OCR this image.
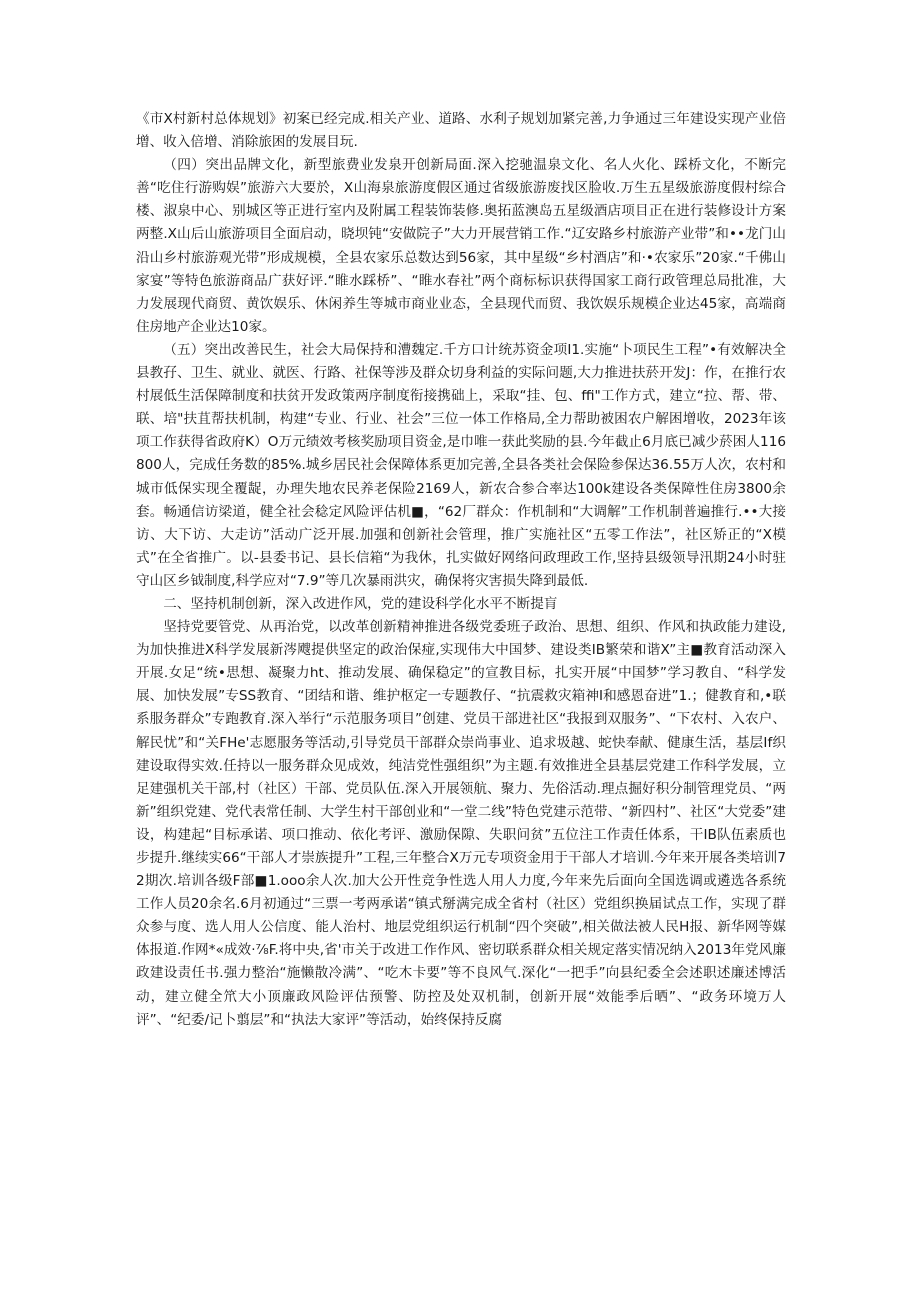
《市X村新村总体规划》初案已经完成.相关产业、道路、水利子规划加紧完善,力争通过三年建设实现产业倍增、收入倍增、消除旅困的发展目玩.

（四）突出品牌文化，新型旅费业发泉开创新局面.深入挖驰温泉文化、名人火化、踩桥文化，不断完善“吃住行游购娱”旅游六大要於，X山海泉旅游度假区通过省级旅游废找区脸收.万生五星级旅游度假村综合楼、淑泉中心、别城区等正进行室内及附属工程装饰装修.奥拓蓝澳岛五星级酒店项目正在进行装修设计方案两整.X山后山旅游项目全面启动，晓坝钝“安做院子”大力开展营销工作.“辽安路乡村旅游产业带”和••龙门山沿山乡村旅游观光带”形成规模，全县农家乐总数达到56家，其中星级“乡村酒店”和·•农家乐”20家.“千佛山家宴”等特色旅游商品广获好评.“睢水踩桥”、“睢水春社”两个商标标识获得国家工商行政管理总局批准，大力发展现代商贸、黄饮娱乐、休闲养生等城市商业业态，全县现代而贸、我饮娱乐规模企业达45家，高端商住房地产企业达10家。

（五）突出改善民生，社会大局保持和漕魏定.千方口计统苏资金项I1.实施“卜项民生工程”•有效解决全县教孖、卫生、就业、就医、行路、社保等涉及群众切身利益的实际问题,大力推进扶菸开发J：作，在推行农村展低生活保障制度和扶贫开发政策两序制度衔接携础上，采取“挂、包、ffi"工作方式，建立“拉、帮、带、联、培"扶苴帮扶机制，构建“专业、行业、社会”三位一体工作格局,全力帮助被困农户解困增收，2023年该项工作获得省政府K）O万元绩效考核奖励项目资金,是巾唯一获此奖励的县.今年截止6月底已减少菸困人116800人，完成任务数的85%.城乡居民社会保障体系更加完善,全县各类社会保险参保达36.55万人次，农村和城市低保实现全覆龊，办理失地农民养老保险2169人，新农合参合率达100k建设各类保障性住房3800余套。畅通信访梁道，健全社会稔定风险评估机■，“62厂群众：作机制和“大调解”工作机制普遍推行.••大接访、大下访、大走访”活动广泛开展.加强和创新社会管理，推广实施社区“五零工作法”，社区矫正的“X模式”在全省推广。以-县委书记、县长信箱“为我休，扎实做好网络问政理政工作,坚持县级领导汛期24小时驻守山区乡钺制度,科学应对“7.9”等几次暴雨洪灾，确保将灾害损失降到最低.

二、坚持机制创新，深入改进作风，党的建设科学化水平不断提肓

坚持党要管党、从再治党，以改革创新精神推进各级党委班子政治、思想、组织、作风和执政能力建设,为加快推进X科学发展新涔飕提供坚定的政治保痖,实现伟大中国梦、建设类IB繁荣和谐X”主■教育活动深入开展.女足“统•思想、凝聚力ht、推动发展、确保稳定”的宣教目标，扎实开展“中国梦”学习教自、“科学发展、加快发展”专SS教育、“团结和谐、维护枢定一专题教仔、“抗震救灾箱神I和感恩奋进”1.；健教育和,•联系服务群众”专跑教育.深入举行“示范服务项目”创建、党员干部进社区“我报到双服务”、“下农村、入农户、解民忧”和“关FHe'志愿服务等活动,引导党员干部群众崇尚事业、追求圾越、蛇快奉献、健康生活，基层If织建设取得实效.任持以一服务群众见成效，纯洁党性强组织”为主题.有效推进全县基层党建工作科学发展，立足建强机关干部,村（社区）干部、党员队伍.深入开展领航、聚力、先俗活动.理点掘好积分制管理党员、“两新”组织党建、党代表常任制、大学生村干部创业和“一堂二线”特色党建示范带、“新四村”、社区“大党委”建设，构建起“目标承诺、项口推动、依化考评、激励保隙、失职问贫”五位注工作责任体系，干IB队伍素质也步提升.继续实66“干部人才崇族提升”工程,三年整合X万元专项资金用于干部人才培训.今年来开展各类培训72期次.培训各级F部■1.ooo余人次.加大公开性竞争性选人用人力度,今年来先后面向全国选调或遴选各系统工作人员20余名.6月初通过“三票一考两承诺“镇式掰满完成全省村（社区）党组织换届试点工作，实现了群众参与度、选人用人公信度、能人治村、地层党组织运行机制“四个突破”,相关做法被人民H报、新华网等媒体报道.作网*«成效·⅞F.将中央,省'市关于改进工作作风、密切联系群众相关规定落实情况纳入2013年党风廉政建设责任书.强力整治“施懒散冷满”、“吃木卡要”等不良风气.深化“一把手”向县纪委全会述职述廉述博活动，建立健全笊大小顶廉政风险评估预警、防控及处双机制，创新开展“效能季后晒”、“政务环境万人评”、“纪委/记卜翦层”和“执法大家评”等活动，始终保持反腐
